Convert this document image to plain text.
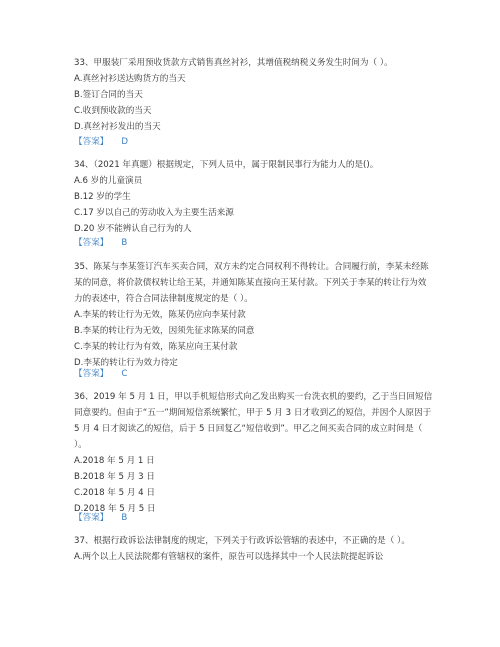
33、甲服装厂采用预收货款方式销售真丝衬衫，其增值税纳税义务发生时间为（ ）。

A.真丝衬衫送达购货方的当天

B.签订合同的当天

C.收到预收款的当天

D.真丝衬衫发出的当天

【答案】 D

34、（2021 年真题）根据规定，下列人员中，属于限制民事行为能力人的是()。

A.6 岁的儿童演员

B.12 岁的学生

C.17 岁以自己的劳动收入为主要生活来源

D.20 岁不能辨认自己行为的人

【答案】 B

35、陈某与李某签订汽车买卖合同，双方未约定合同权利不得转让。合同履行前，李某未经陈某的同意，将价款债权转让给王某，并通知陈某直接向王某付款。下列关于李某的转让行为效力的表述中，符合合同法律制度规定的是（ ）。

A.李某的转让行为无效，陈某仍应向李某付款

B.李某的转让行为无效，因须先征求陈某的同意

C.李某的转让行为有效，陈某应向王某付款

D.李某的转让行为效力待定

【答案】 C

36、2019 年 5 月 1 日，甲以手机短信形式向乙发出购买一台洗衣机的要约，乙于当日回短信同意要约。但由于“五一”期间短信系统繁忙，甲于 5 月 3 日才收到乙的短信，并因个人原因于 5 月 4 日才阅读乙的短信，后于 5 日回复乙“短信收到”。甲乙之间买卖合同的成立时间是（ ）。

A.2018 年 5 月 1 日

B.2018 年 5 月 3 日

C.2018 年 5 月 4 日

D.2018 年 5 月 5 日

【答案】 B

37、根据行政诉讼法律制度的规定，下列关于行政诉讼管辖的表述中，不正确的是（ ）。

A.两个以上人民法院都有管辖权的案件，原告可以选择其中一个人民法院提起诉讼
